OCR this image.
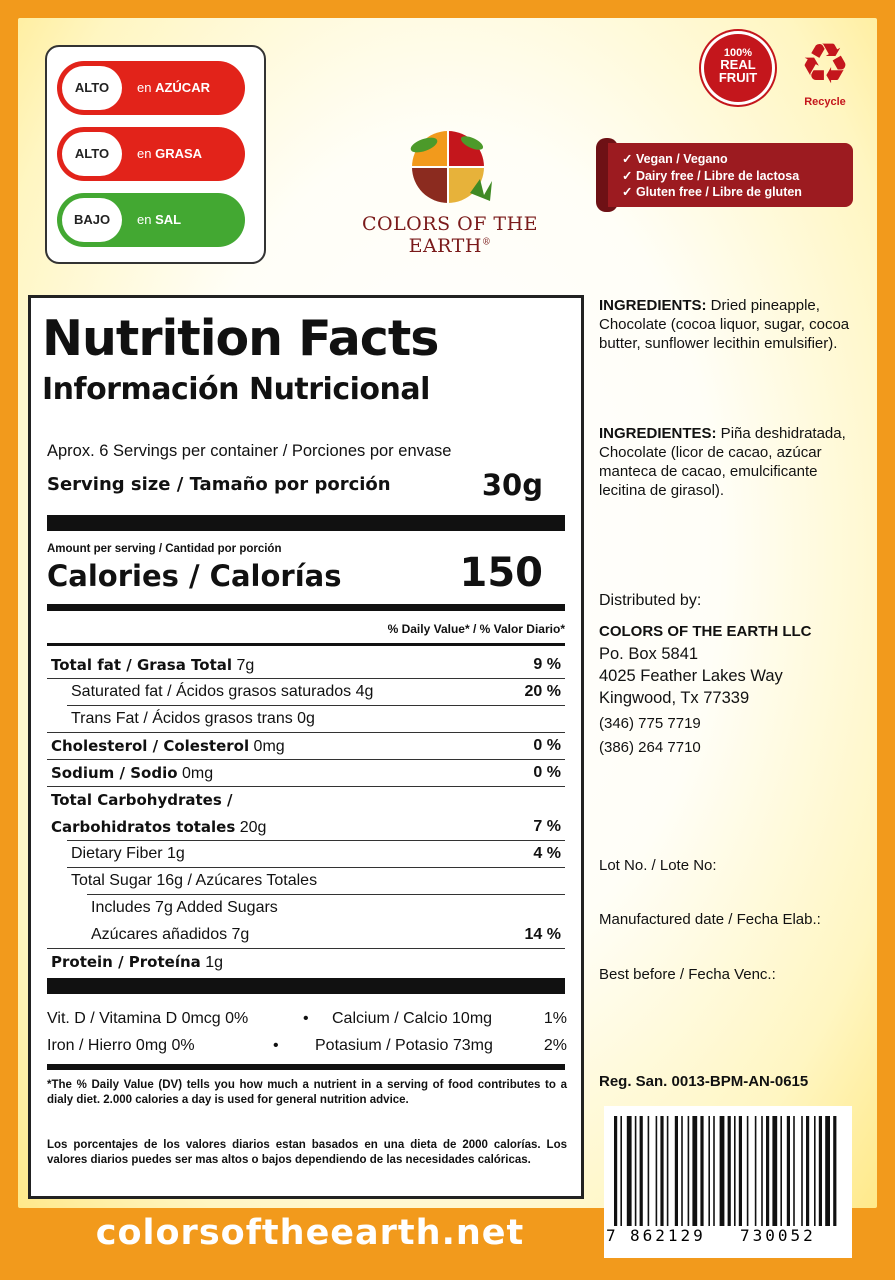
ALTO	en AZÚCAR
ALTO	en GRASA
BAJO	en SAL	COLORS OF THE EARTH®
100%
REAL
FRUIT ♻
Recycle
✓ Vegan / Vegano
✓ Dairy free / Libre de lactosa
✓ Gluten free / Libre de gluten
Nutrition Facts
Información Nutricional
Aprox. 6 Servings per container / Porciones por envase
Serving size / Tamaño por porción	30g
Amount per serving / Cantidad por porción
Calories / Calorías	150
% Daily Value* / % Valor Diario*
Total fat / Grasa Total 7g	9 %
Saturated fat / Ácidos grasos saturados 4g	20 %
Trans Fat / Ácidos grasos trans 0g
Cholesterol / Colesterol 0mg	0 %
Sodium / Sodio 0mg	0 %
Total Carbohydrates /
Carbohidratos totales 20g	7 %
Dietary Fiber 1g	4 %
Total Sugar 16g / Azúcares Totales
Includes 7g Added Sugars
Azúcares añadidos 7g	14 %
Protein / Proteína 1g
Vit. D / Vitamina D 0mcg 0%	• Calcium / Calcio 10mg	1%
Iron / Hierro 0mg 0%	• Potasium / Potasio 73mg	2%
*The % Daily Value (DV) tells you how much a nutrient in a serving of food contributes to a dialy diet. 2.000 calories a day is used for general nutrition advice.
Los porcentajes de los valores diarios estan basados en una dieta de 2000 calorías. Los valores diarios puedes ser mas altos o bajos dependiendo de las necesidades calóricas.
INGREDIENTS: Dried pineapple, Chocolate (cocoa liquor, sugar, cocoa butter, sunflower lecithin emulsifier).
INGREDIENTES: Piña deshidratada, Chocolate (licor de cacao, azúcar manteca de cacao, emulcificante lecitina de girasol).
Distributed by:
COLORS OF THE EARTH LLC
Po. Box 5841
4025 Feather Lakes Way
Kingwood, Tx 77339
(346) 775 7719
(386) 264 7710
Lot No. / Lote No:
Manufactured date / Fecha Elab.:
Best before / Fecha Venc.:
Reg. San. 0013-BPM-AN-0615
7 862129 730052
colorsoftheearth.net
